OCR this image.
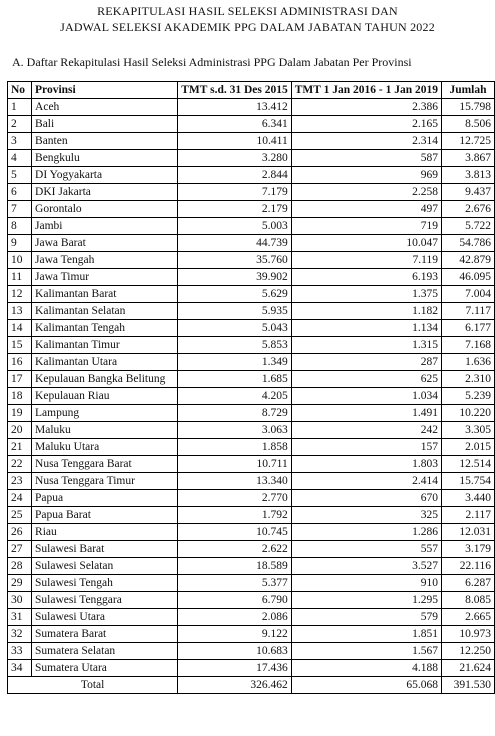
REKAPITULASI HASIL SELEKSI ADMINISTRASI DAN
JADWAL SELEKSI AKADEMIK PPG DALAM JABATAN TAHUN 2022
A. Daftar Rekapitulasi Hasil Seleksi Administrasi PPG Dalam Jabatan Per Provinsi
No	Provinsi	TMT s.d. 31 Des 2015	TMT 1 Jan 2016 - 1 Jan 2019	Jumlah
1	Aceh	13.412	2.386	15.798
2	Bali	6.341	2.165	8.506
3	Banten	10.411	2.314	12.725
4	Bengkulu	3.280	587	3.867
5	DI Yogyakarta	2.844	969	3.813
6	DKI Jakarta	7.179	2.258	9.437
7	Gorontalo	2.179	497	2.676
8	Jambi	5.003	719	5.722
9	Jawa Barat	44.739	10.047	54.786
10	Jawa Tengah	35.760	7.119	42.879
11	Jawa Timur	39.902	6.193	46.095
12	Kalimantan Barat	5.629	1.375	7.004
13	Kalimantan Selatan	5.935	1.182	7.117
14	Kalimantan Tengah	5.043	1.134	6.177
15	Kalimantan Timur	5.853	1.315	7.168
16	Kalimantan Utara	1.349	287	1.636
17	Kepulauan Bangka Belitung	1.685	625	2.310
18	Kepulauan Riau	4.205	1.034	5.239
19	Lampung	8.729	1.491	10.220
20	Maluku	3.063	242	3.305
21	Maluku Utara	1.858	157	2.015
22	Nusa Tenggara Barat	10.711	1.803	12.514
23	Nusa Tenggara Timur	13.340	2.414	15.754
24	Papua	2.770	670	3.440
25	Papua Barat	1.792	325	2.117
26	Riau	10.745	1.286	12.031
27	Sulawesi Barat	2.622	557	3.179
28	Sulawesi Selatan	18.589	3.527	22.116
29	Sulawesi Tengah	5.377	910	6.287
30	Sulawesi Tenggara	6.790	1.295	8.085
31	Sulawesi Utara	2.086	579	2.665
32	Sumatera Barat	9.122	1.851	10.973
33	Sumatera Selatan	10.683	1.567	12.250
34	Sumatera Utara	17.436	4.188	21.624
Total		326.462	65.068	391.530
